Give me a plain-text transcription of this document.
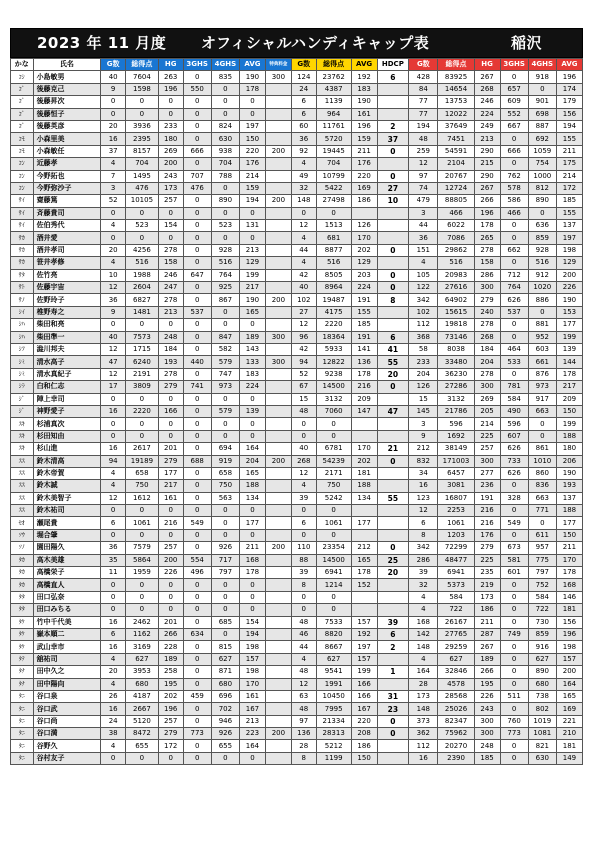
2023 年 11 月度 オフィシャルハンディキャップ表	稲沢
かな	氏名	G数	総得点	HG	3GHS	4GHS	AVG	特典料金	G数	総得点	AVG	HDCP	G数	総得点	HG	3GHS	4GHS	AVG
ｺｼ	小島敏男	40	7604	263	0	835	190	300	124	23762	192	6	428	83925	267	0	918	196
ｺﾞ	後藤克己	9	1598	196	550	0	178		24	4387	183		84	14654	268	657	0	174
ｺﾞ	後藤昇次	0	0	0	0	0	0		6	1139	190		77	13753	246	609	901	179
ｺﾞ	後藤恒子	0	0	0	0	0	0		6	964	161		77	12022	224	552	698	156
ｺﾞ	後藤英彦	20	3936	233	0	824	197		60	11761	196	2	194	37649	249	667	887	194
ｺﾓ	小森里美	16	2395	180	0	630	150		36	5720	159	37	48	7451	213	0	692	155
ｺﾓ	小森敏任	37	8157	269	666	938	220	200	92	19445	211	0	259	54591	290	666	1059	211
ｺﾝ	近藤孝	4	704	200	0	704	176		4	704	176		12	2104	215	0	754	175
ｺﾝ	今野拓也	7	1495	243	707	788	214		49	10799	220	0	97	20767	290	762	1000	214
ｺﾝ	今野弥沙子	3	476	173	476	0	159		32	5422	169	27	74	12724	267	578	812	172
ｻｲ	齋藤篤	52	10105	257	0	890	194	200	148	27498	186	10	479	88805	266	586	890	185
ｻｲ	斉藤貴司	0	0	0	0	0	0		0	0			3	466	196	466	0	155
ｻｲ	佐伯秀代	4	523	154	0	523	131		12	1513	126		44	6022	178	0	636	137
ｻｶ	酒井愛	0	0	0	0	0	0		4	681	170		36	7086	265	0	859	197
ｻｶ	酒井孝司	20	4256	278	0	928	213		44	8877	202	0	151	29862	278	662	928	198
ｻｶ	笹井孝修	4	516	158	0	516	129		4	516	129		4	516	158	0	516	129
ｻﾀ	佐竹亮	10	1988	246	647	764	199		42	8505	203	0	105	20983	286	712	912	200
ｻﾄ	佐藤宇宙	12	2604	247	0	925	217		40	8964	224	0	122	27616	300	764	1020	226
ｻﾉ	佐野玲子	36	6827	278	0	867	190	200	102	19487	191	8	342	64902	279	626	886	190
ｼｲ	椎野寿之	9	1481	213	537	0	165		27	4175	155		102	15615	240	537	0	153
ｼﾊ	柴田和亮	0	0	0	0	0	0		12	2220	185		112	19818	278	0	881	177
ｼﾊ	柴田準一	40	7573	248	0	847	189	300	96	18364	191	6	368	73146	268	0	952	199
ｼﾌ	澁川邦夫	12	1715	184	0	582	143		42	5933	141	41	58	8038	184	464	603	139
ｼﾐ	清水高子	47	6240	193	440	579	133	300	94	12822	136	55	233	33480	204	533	661	144
ｼﾐ	清水真紀子	12	2191	278	0	747	183		52	9238	178	20	204	36230	278	0	876	178
ｼﾗ	白和仁志	17	3809	279	741	973	224		67	14500	216	0	126	27286	300	781	973	217
ｼﾞ	陣上幸司	0	0	0	0	0	0		15	3132	209		15	3132	269	584	917	209
ｼﾞ	神野愛子	16	2220	166	0	579	139		48	7060	147	47	145	21786	205	490	663	150
ｽｷ	杉浦真次	0	0	0	0	0	0		0	0			3	596	214	596	0	199
ｽｷ	杉田知由	0	0	0	0	0	0		0	0			9	1692	225	607	0	188
ｽｷ	杉山進	16	2617	201	0	694	164		40	6781	170	21	212	38149	257	626	861	180
ｽｽ	鈴木清高	94	19189	279	688	919	204	200	268	54239	202	0	832	171003	300	733	1010	206
ｽｽ	鈴木帝賀	4	658	177	0	658	165		12	2171	181		34	6457	277	626	860	190
ｽｽ	鈴木誠	4	750	217	0	750	188		4	750	188		16	3081	236	0	836	193
ｽｽ	鈴木美智子	12	1612	161	0	563	134		39	5242	134	55	123	16807	191	328	663	137
ｽｽ	鈴木祐司	0	0	0	0	0	0		0	0			12	2253	216	0	771	188
ｾｵ	瀬尾貴	6	1061	216	549	0	177		6	1061	177		6	1061	216	549	0	177
ｿｳ	堀合肇	0	0	0	0	0	0		0	0			8	1203	176	0	611	150
ｿﾉ	園田陽久	36	7579	257	0	926	211	200	110	23354	212	0	342	72299	279	673	957	211
ﾀｶ	高木美雄	35	5864	200	554	717	168		88	14500	165	25	286	48477	225	581	775	170
ﾀｶ	高橋栄子	11	1959	226	496	797	178		39	6941	178	20	39	6941	235	601	797	178
ﾀｶ	高橋直人	0	0	0	0	0	0		8	1214	152		32	5373	219	0	752	168
ﾀﾀ	田口弘奈	0	0	0	0	0	0		0	0			4	584	173	0	584	146
ﾀﾀ	田口みちる	0	0	0	0	0	0		0	0			4	722	186	0	722	181
ﾀｹ	竹中千代美	16	2462	201	0	685	154		48	7533	157	39	168	26167	211	0	730	156
ﾀｹ	嶽本順二	6	1162	266	634	0	194		46	8820	192	6	142	27765	287	749	859	196
ﾀｹ	武山幸市	16	3169	228	0	815	198		44	8667	197	2	148	29259	267	0	916	198
ﾀﾃ	舘祐司	4	627	189	0	627	157		4	627	157		4	627	189	0	627	157
ﾀﾅ	田中久之	20	3953	258	0	871	198		48	9541	199	1	164	32846	266	0	890	200
ﾀﾅ	田中陽向	4	680	195	0	680	170		12	1991	166		28	4578	195	0	680	164
ﾀﾆ	谷口泉	26	4187	202	459	696	161		63	10450	166	31	173	28568	226	511	738	165
ﾀﾆ	谷口武	16	2667	196	0	702	167		48	7995	167	23	148	25026	243	0	802	169
ﾀﾆ	谷口尚	24	5120	257	0	946	213		97	21334	220	0	373	82347	300	760	1019	221
ﾀﾆ	谷口満	38	8472	279	773	926	223	200	136	28313	208	0	362	75962	300	773	1081	210
ﾀﾆ	谷野久	4	655	172	0	655	164		28	5212	186		112	20270	248	0	821	181
ﾀﾆ	谷村友子	0	0	0	0	0	0		8	1199	150		16	2390	185	0	630	149
